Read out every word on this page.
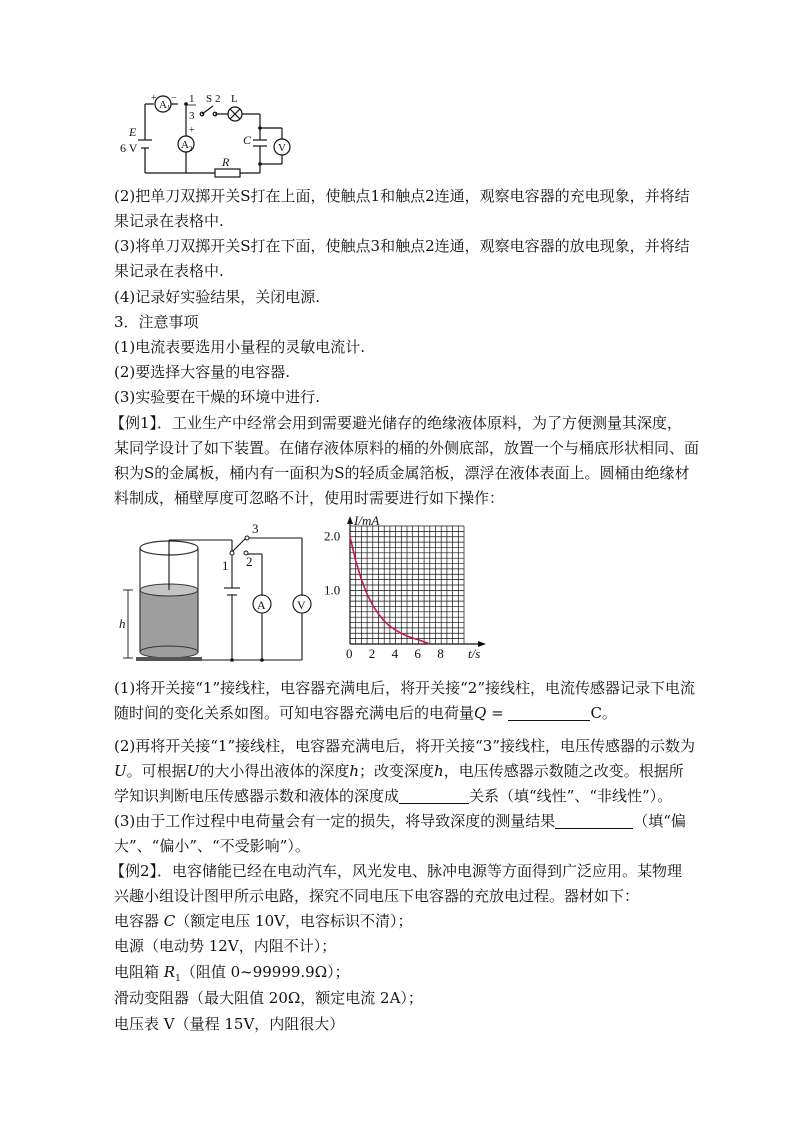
A
+ − 1
3
S 2 L
E
6 V	A 2
1
+
C
V
R
(2)把单刀双掷开关S打在上面，使触点1和触点2连通，观察电容器的充电现象，并将结
果记录在表格中.
(3)将单刀双掷开关S打在下面，使触点3和触点2连通，观察电容器的放电现象，并将结
果记录在表格中.
(4)记录好实验结果，关闭电源.
3．注意事项
(1)电流表要选用小量程的灵敏电流计.
(2)要选择大容量的电容器.
(3)实验要在干燥的环境中进行.
【例1】．工业生产中经常会用到需要避光储存的绝缘液体原料，为了方便测量其深度，
某同学设计了如下装置。在储存液体原料的桶的外侧底部，放置一个与桶底形状相同、面
积为S的金属板，桶内有一面积为S的轻质金属箔板，漂浮在液体表面上。圆桶由绝缘材
料制成，桶壁厚度可忽略不计，使用时需要进行如下操作：
h
1 2
3
A	V
0 2 4 6 8
1.0
2.0
t/s
I/mA
(1)将开关接“1”接线柱，电容器充满电后，将开关接“2”接线柱，电流传感器记录下电流
随时间的变化关系如图。可知电容器充满电后的电荷量Q =	C。
(2)再将开关接“1”接线柱，电容器充满电后，将开关接“3”接线柱，电压传感器的示数为
U。可根据U的大小得出液体的深度h；改变深度h，电压传感器示数随之改变。根据所
学知识判断电压传感器示数和液体的深度成	关系（填“线性”、“非线性”）。
(3)由于工作过程中电荷量会有一定的损失，将导致深度的测量结果	（填“偏
大”、“偏小”、“不受影响”）。
【例2】．电容储能已经在电动汽车，风光发电、脉冲电源等方面得到广泛应用。某物理
兴趣小组设计图甲所示电路，探究不同电压下电容器的充放电过程。器材如下：
电容器 C（额定电压 10V，电容标识不清）；
电源（电动势 12V，内阻不计）；
电阻箱 $R_1$（阻值 0~99999.9Ω）；
滑动变阻器（最大阻值 20Ω，额定电流 2A）；
电压表 V（量程 15V，内阻很大）
